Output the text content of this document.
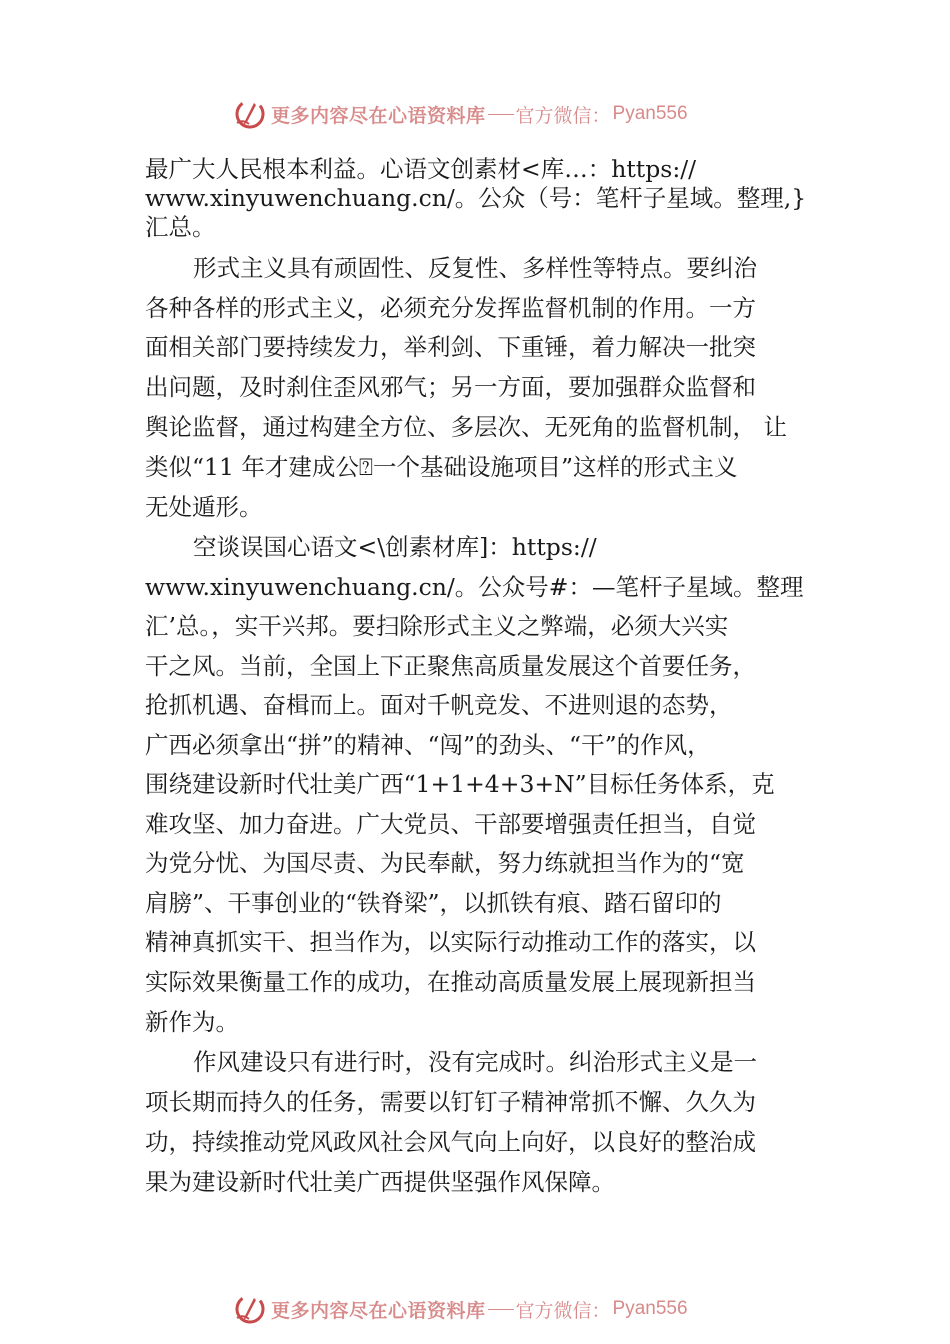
更多内容尽在心语资料库 官方微信： Pyan556
最广大人民根本利益。心语文创素材<库…：https://
www.xinyuwenchuang.cn/。公众（号：笔杆子星域。整理,}
汇总。
形式主义具有顽固性、反复性、多样性等特点。要纠治
各种各样的形式主义，必须充分发挥监督机制的作用。一方
面相关部门要持续发力，举利剑、下重锤，着力解决一批突
出问题，及时刹住歪风邪气；另一方面，要加强群众监督和
舆论监督，通过构建全方位、多层次、无死角的监督机制， 让
类似“11 年才建成公⍰一个基础设施项目”这样的形式主义
无处遁形。
空谈误国心语文<\创素材库]：https://
www.xinyuwenchuang.cn/。公众号#：—笔杆子星域。整理
汇’总。，实干兴邦。要扫除形式主义之弊端，必须大兴实
干之风。当前，全国上下正聚焦高质量发展这个首要任务，
抢抓机遇、奋楫而上。面对千帆竞发、不进则退的态势，
广西必须拿出“拼”的精神、“闯”的劲头、“干”的作风，
围绕建设新时代壮美广西“1+1+4+3+N”目标任务体系，克
难攻坚、加力奋进。广大党员、干部要增强责任担当，自觉
为党分忧、为国尽责、为民奉献，努力练就担当作为的“宽
肩膀”、干事创业的“铁脊梁”，以抓铁有痕、踏石留印的
精神真抓实干、担当作为，以实际行动推动工作的落实，以
实际效果衡量工作的成功，在推动高质量发展上展现新担当
新作为。
作风建设只有进行时，没有完成时。纠治形式主义是一
项长期而持久的任务，需要以钉钉子精神常抓不懈、久久为
功，持续推动党风政风社会风气向上向好，以良好的整治成
果为建设新时代壮美广西提供坚强作风保障。
更多内容尽在心语资料库 官方微信： Pyan556
